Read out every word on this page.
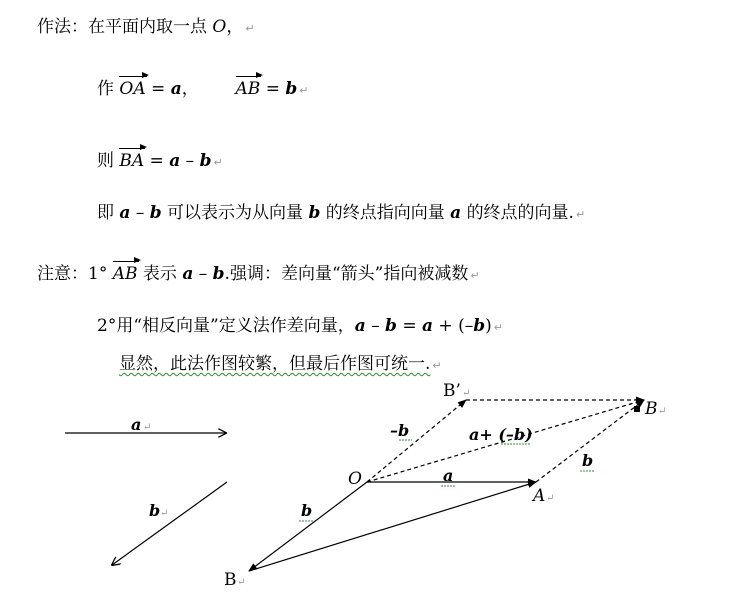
作法：在平面内取一点 O， ↵
作 OA = a， AB = b ↵
则 BA = a – b ↵
即 a – b 可以表示为从向量 b 的终点指向向量 a 的终点的向量. ↵
注意：1° AB 表示 a – b.强调：差向量“箭头”指向被减数 ↵
2°用“相反向量”定义法作差向量，a – b = a + (–b) ↵
显然，此法作图较繁，但最后作图可统一. ↵
a ↵
b ↵
a
b
–b	a+ (–b)
b
O
A ↵
B ↵
B’ ↵
B ↵
